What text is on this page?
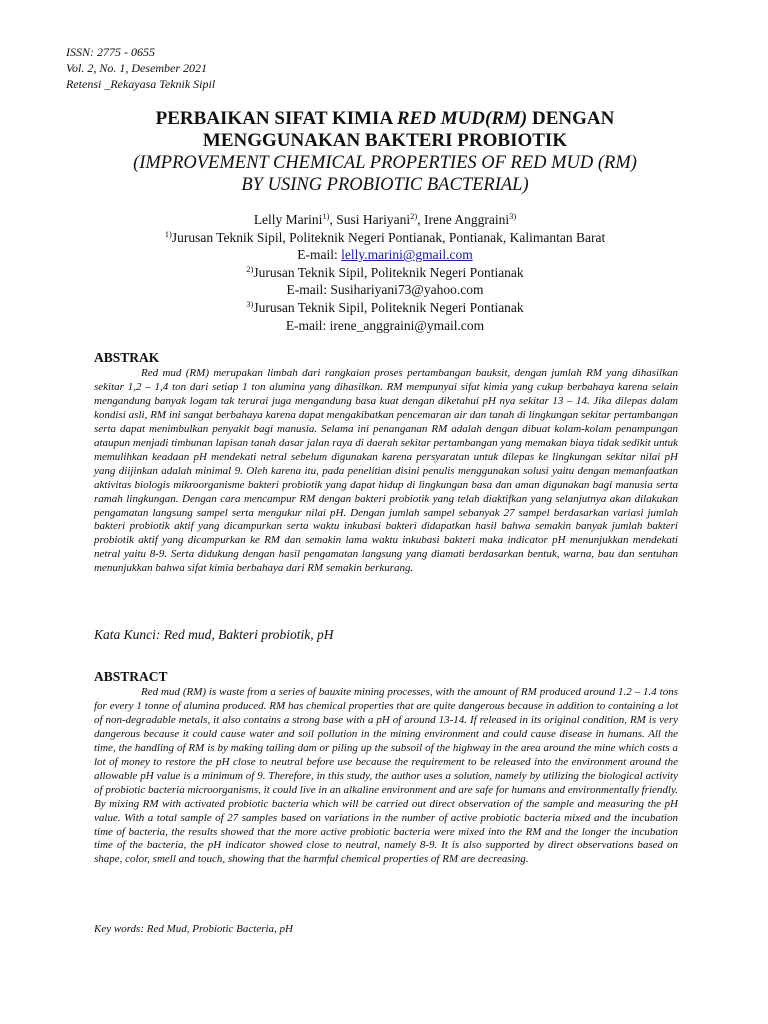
ISSN: 2775 - 0655
Vol. 2, No. 1, Desember 2021
Retensi _Rekayasa Teknik Sipil
PERBAIKAN SIFAT KIMIA RED MUD(RM) DENGAN
MENGGUNAKAN BAKTERI PROBIOTIK
(IMPROVEMENT CHEMICAL PROPERTIES OF RED MUD (RM)
BY USING PROBIOTIC BACTERIAL)
Lelly Marini$^{1)}$, Susi Hariyani$^{2)}$, Irene Anggraini$^{3)}$
$^{1)}$Jurusan Teknik Sipil, Politeknik Negeri Pontianak, Pontianak, Kalimantan Barat
E-mail: lelly.marini@gmail.com
$^{2)}$Jurusan Teknik Sipil, Politeknik Negeri Pontianak
E-mail: Susihariyani73@yahoo.com
$^{3)}$Jurusan Teknik Sipil, Politeknik Negeri Pontianak
E-mail: irene_anggraini@ymail.com
ABSTRAK

Red mud (RM) merupakan limbah dari rangkaian proses pertambangan bauksit, dengan jumlah RM yang dihasilkan sekitar 1,2 – 1,4 ton dari setiap 1 ton alumina yang dihasilkan. RM mempunyai sifat kimia yang cukup berbahaya karena selain mengandung banyak logam tak terurai juga mengandung basa kuat dengan diketahui pH nya sekitar 13 – 14. Jika dilepas dalam kondisi asli, RM ini sangat berbahaya karena dapat mengakibatkan pencemaran air dan tanah di lingkungan sekitar pertambangan serta dapat menimbulkan penyakit bagi manusia. Selama ini penanganan RM adalah dengan dibuat kolam-kolam penampungan ataupun menjadi timbunan lapisan tanah dasar jalan raya di daerah sekitar pertambangan yang memakan biaya tidak sedikit untuk memulihkan keadaan pH mendekati netral sebelum digunakan karena persyaratan untuk dilepas ke lingkungan sekitar nilai pH yang diijinkan adalah minimal 9. Oleh karena itu, pada penelitian disini penulis menggunakan solusi yaitu dengan memanfaatkan aktivitas biologis mikroorganisme bakteri probiotik yang dapat hidup di lingkungan basa dan aman digunakan bagi manusia serta ramah lingkungan. Dengan cara mencampur RM dengan bakteri probiotik yang telah diaktifkan yang selanjutnya akan dilakukan pengamatan langsung sampel serta mengukur nilai pH. Dengan jumlah sampel sebanyak 27 sampel berdasarkan variasi jumlah bakteri probiotik aktif yang dicampurkan serta waktu inkubasi bakteri didapatkan hasil bahwa semakin banyak jumlah bakteri probiotik aktif yang dicampurkan ke RM dan semakin lama waktu inkubasi bakteri maka indicator pH menunjukkan mendekati netral yaitu 8-9. Serta didukung dengan hasil pengamatan langsung yang diamati berdasarkan bentuk, warna, bau dan sentuhan menunjukkan bahwa sifat kimia berbahaya dari RM semakin berkurang.

Kata Kunci: Red mud, Bakteri probiotik, pH
ABSTRACT

Red mud (RM) is waste from a series of bauxite mining processes, with the amount of RM produced around 1.2 – 1.4 tons for every 1 tonne of alumina produced. RM has chemical properties that are quite dangerous because in addition to containing a lot of non-degradable metals, it also contains a strong base with a pH of around 13-14. If released in its original condition, RM is very dangerous because it could cause water and soil pollution in the mining environment and could cause disease in humans. All the time, the handling of RM is by making tailing dam or piling up the subsoil of the highway in the area around the mine which costs a lot of money to restore the pH close to neutral before use because the requirement to be released into the environment around the allowable pH value is a minimum of 9. Therefore, in this study, the author uses a solution, namely by utilizing the biological activity of probiotic bacteria microorganisms, it could live in an alkaline environment and are safe for humans and environmentally friendly. By mixing RM with activated probiotic bacteria which will be carried out direct observation of the sample and measuring the pH value. With a total sample of 27 samples based on variations in the number of active probiotic bacteria mixed and the incubation time of bacteria, the results showed that the more active probiotic bacteria were mixed into the RM and the longer the incubation time of the bacteria, the pH indicator showed close to neutral, namely 8-9. It is also supported by direct observations based on shape, color, smell and touch, showing that the harmful chemical properties of RM are decreasing.

Key words: Red Mud, Probiotic Bacteria, pH
